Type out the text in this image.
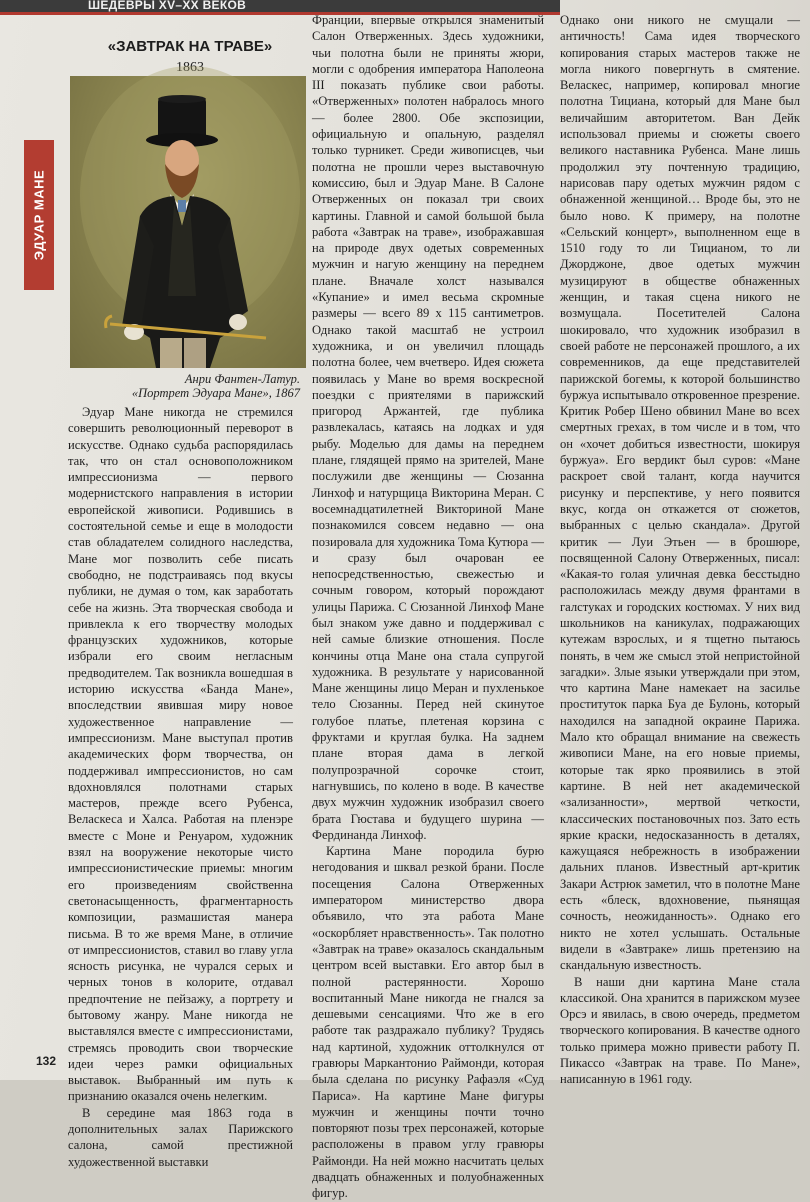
ШЕДЕВРЫ XV–XX ВЕКОВ
ЭДУАР МАНЕ
«ЗАВТРАК НА ТРАВЕ»
1863
Анри Фантен-Латур.
«Портрет Эдуара Мане», 1867

Эдуар Мане никогда не стремился совершить революционный переворот в искусстве. Однако судьба распорядилась так, что он стал основоположником импрессионизма — первого модернистского направления в истории европейской живописи. Родившись в состоятельной семье и еще в молодости став обладателем солидного наследства, Мане мог позволить себе писать свободно, не подстраиваясь под вкусы публики, не думая о том, как заработать себе на жизнь. Эта творческая свобода и привлекла к его творчеству молодых французских художников, которые избрали его своим негласным предводителем. Так возникла вошедшая в историю искусства «Банда Мане», впоследствии явившая миру новое художественное направление — импрессионизм. Мане выступал против академических форм творчества, он поддерживал импрессионистов, но сам вдохновлялся полотнами старых мастеров, прежде всего Рубенса, Веласкеса и Халса. Работая на пленэре вместе с Моне и Ренуаром, художник взял на вооружение некоторые чисто импрессионистические приемы: многим его произведениям свойственна светонасыщенность, фрагментарность композиции, размашистая манера письма. В то же время Мане, в отличие от импрессионистов, ставил во главу угла ясность рисунка, не чурался серых и черных тонов в колорите, отдавал предпочтение не пейзажу, а портрету и бытовому жанру. Мане никогда не выставлялся вместе с импрессионистами, стремясь проводить свои творческие идеи через рамки официальных выставок. Выбранный им путь к признанию оказался очень нелегким.

В середине мая 1863 года в дополнительных залах Парижского салона, самой престижной художественной выставки

Франции, впервые открылся знаменитый Салон Отверженных. Здесь художники, чьи полотна были не приняты жюри, могли с одобрения императора Наполеона III показать публике свои работы. «Отверженных» полотен набралось много — более 2800. Обе экспозиции, официальную и опальную, разделял только турникет. Среди живописцев, чьи полотна не прошли через выставочную комиссию, был и Эдуар Мане. В Салоне Отверженных он показал три своих картины. Главной и самой большой была работа «Завтрак на траве», изображавшая на природе двух одетых современных мужчин и нагую женщину на переднем плане. Вначале холст назывался «Купание» и имел весьма скромные размеры — всего 89 х 115 сантиметров. Однако такой масштаб не устроил художника, и он увеличил площадь полотна более, чем вчетверо. Идея сюжета появилась у Мане во время воскресной поездки с приятелями в парижский пригород Аржантей, где публика развлекалась, катаясь на лодках и удя рыбу. Моделью для дамы на переднем плане, глядящей прямо на зрителей, Мане послужили две женщины — Сюзанна Линхоф и натурщица Викторина Меран. С восемнадцатилетней Викториной Мане познакомился совсем недавно — она позировала для художника Тома Кутюра — и сразу был очарован ее непосредственностью, свежестью и сочным говором, который порождают улицы Парижа. С Сюзанной Линхоф Мане был знаком уже давно и поддерживал с ней самые близкие отношения. После кончины отца Мане она стала супругой художника. В результате у нарисованной Мане женщины лицо Меран и пухленькое тело Сюзанны. Перед ней скинутое голубое платье, плетеная корзина с фруктами и круглая булка. На заднем плане вторая дама в легкой полупрозрачной сорочке стоит, нагнувшись, по колено в воде. В качестве двух мужчин художник изобразил своего брата Гюстава и будущего шурина — Фердинанда Линхоф.

Картина Мане породила бурю негодования и шквал резкой брани. После посещения Салона Отверженных императором министерство двора объявило, что эта работа Мане «оскорбляет нравственность». Так полотно «Завтрак на траве» оказалось скандальным центром всей выставки. Его автор был в полной растерянности. Хорошо воспитанный Мане никогда не гнался за дешевыми сенсациями. Что же в его работе так раздражало публику? Трудясь над картиной, художник оттолкнулся от гравюры Маркантонио Раймонди, которая была сделана по рисунку Рафаэля «Суд Париса». На картине Мане фигуры мужчин и женщины почти точно повторяют позы трех персонажей, которые расположены в правом углу гравюры Раймонди. На ней можно насчитать целых двадцать обнаженных и полуобнаженных фигур.

Однако они никого не смущали — античность! Сама идея творческого копирования старых мастеров также не могла никого повергнуть в смятение. Веласкес, например, копировал многие полотна Тициана, который для Мане был величайшим авторитетом. Ван Дейк использовал приемы и сюжеты своего великого наставника Рубенса. Мане лишь продолжил эту почтенную традицию, нарисовав пару одетых мужчин рядом с обнаженной женщиной… Вроде бы, это не было ново. К примеру, на полотне «Сельский концерт», выполненном еще в 1510 году то ли Тицианом, то ли Джорджоне, двое одетых мужчин музицируют в обществе обнаженных женщин, и такая сцена никого не возмущала. Посетителей Салона шокировало, что художник изобразил в своей работе не персонажей прошлого, а их современников, да еще представителей парижской богемы, к которой большинство буржуа испытывало откровенное презрение. Критик Робер Шено обвинил Мане во всех смертных грехах, в том числе и в том, что он «хочет добиться известности, шокируя буржуа». Его вердикт был суров: «Мане раскроет свой талант, когда научится рисунку и перспективе, у него появится вкус, когда он откажется от сюжетов, выбранных с целью скандала». Другой критик — Луи Этьен — в брошюре, посвященной Салону Отверженных, писал: «Какая-то голая уличная девка бесстыдно расположилась между двумя франтами в галстуках и городских костюмах. У них вид школьников на каникулах, подражающих кутежам взрослых, и я тщетно пытаюсь понять, в чем же смысл этой непристойной загадки». Злые языки утверждали при этом, что картина Мане намекает на засилье проституток парка Буа де Булонь, который находился на западной окраине Парижа. Мало кто обращал внимание на свежесть живописи Мане, на его новые приемы, которые так ярко проявились в этой картине. В ней нет академической «зализанности», мертвой четкости, классических постановочных поз. Зато есть яркие краски, недосказанность в деталях, кажущаяся небрежность в изображении дальних планов. Известный арт-критик Закари Астрюк заметил, что в полотне Мане есть «блеск, вдохновение, пьянящая сочность, неожиданность». Однако его никто не хотел услышать. Остальные видели в «Завтраке» лишь претензию на скандальную известность.

В наши дни картина Мане стала классикой. Она хранится в парижском музее Орсэ и явилась, в свою очередь, предметом творческого копирования. В качестве одного только примера можно привести работу П. Пикассо «Завтрак на траве. По Мане», написанную в 1961 году.

132
